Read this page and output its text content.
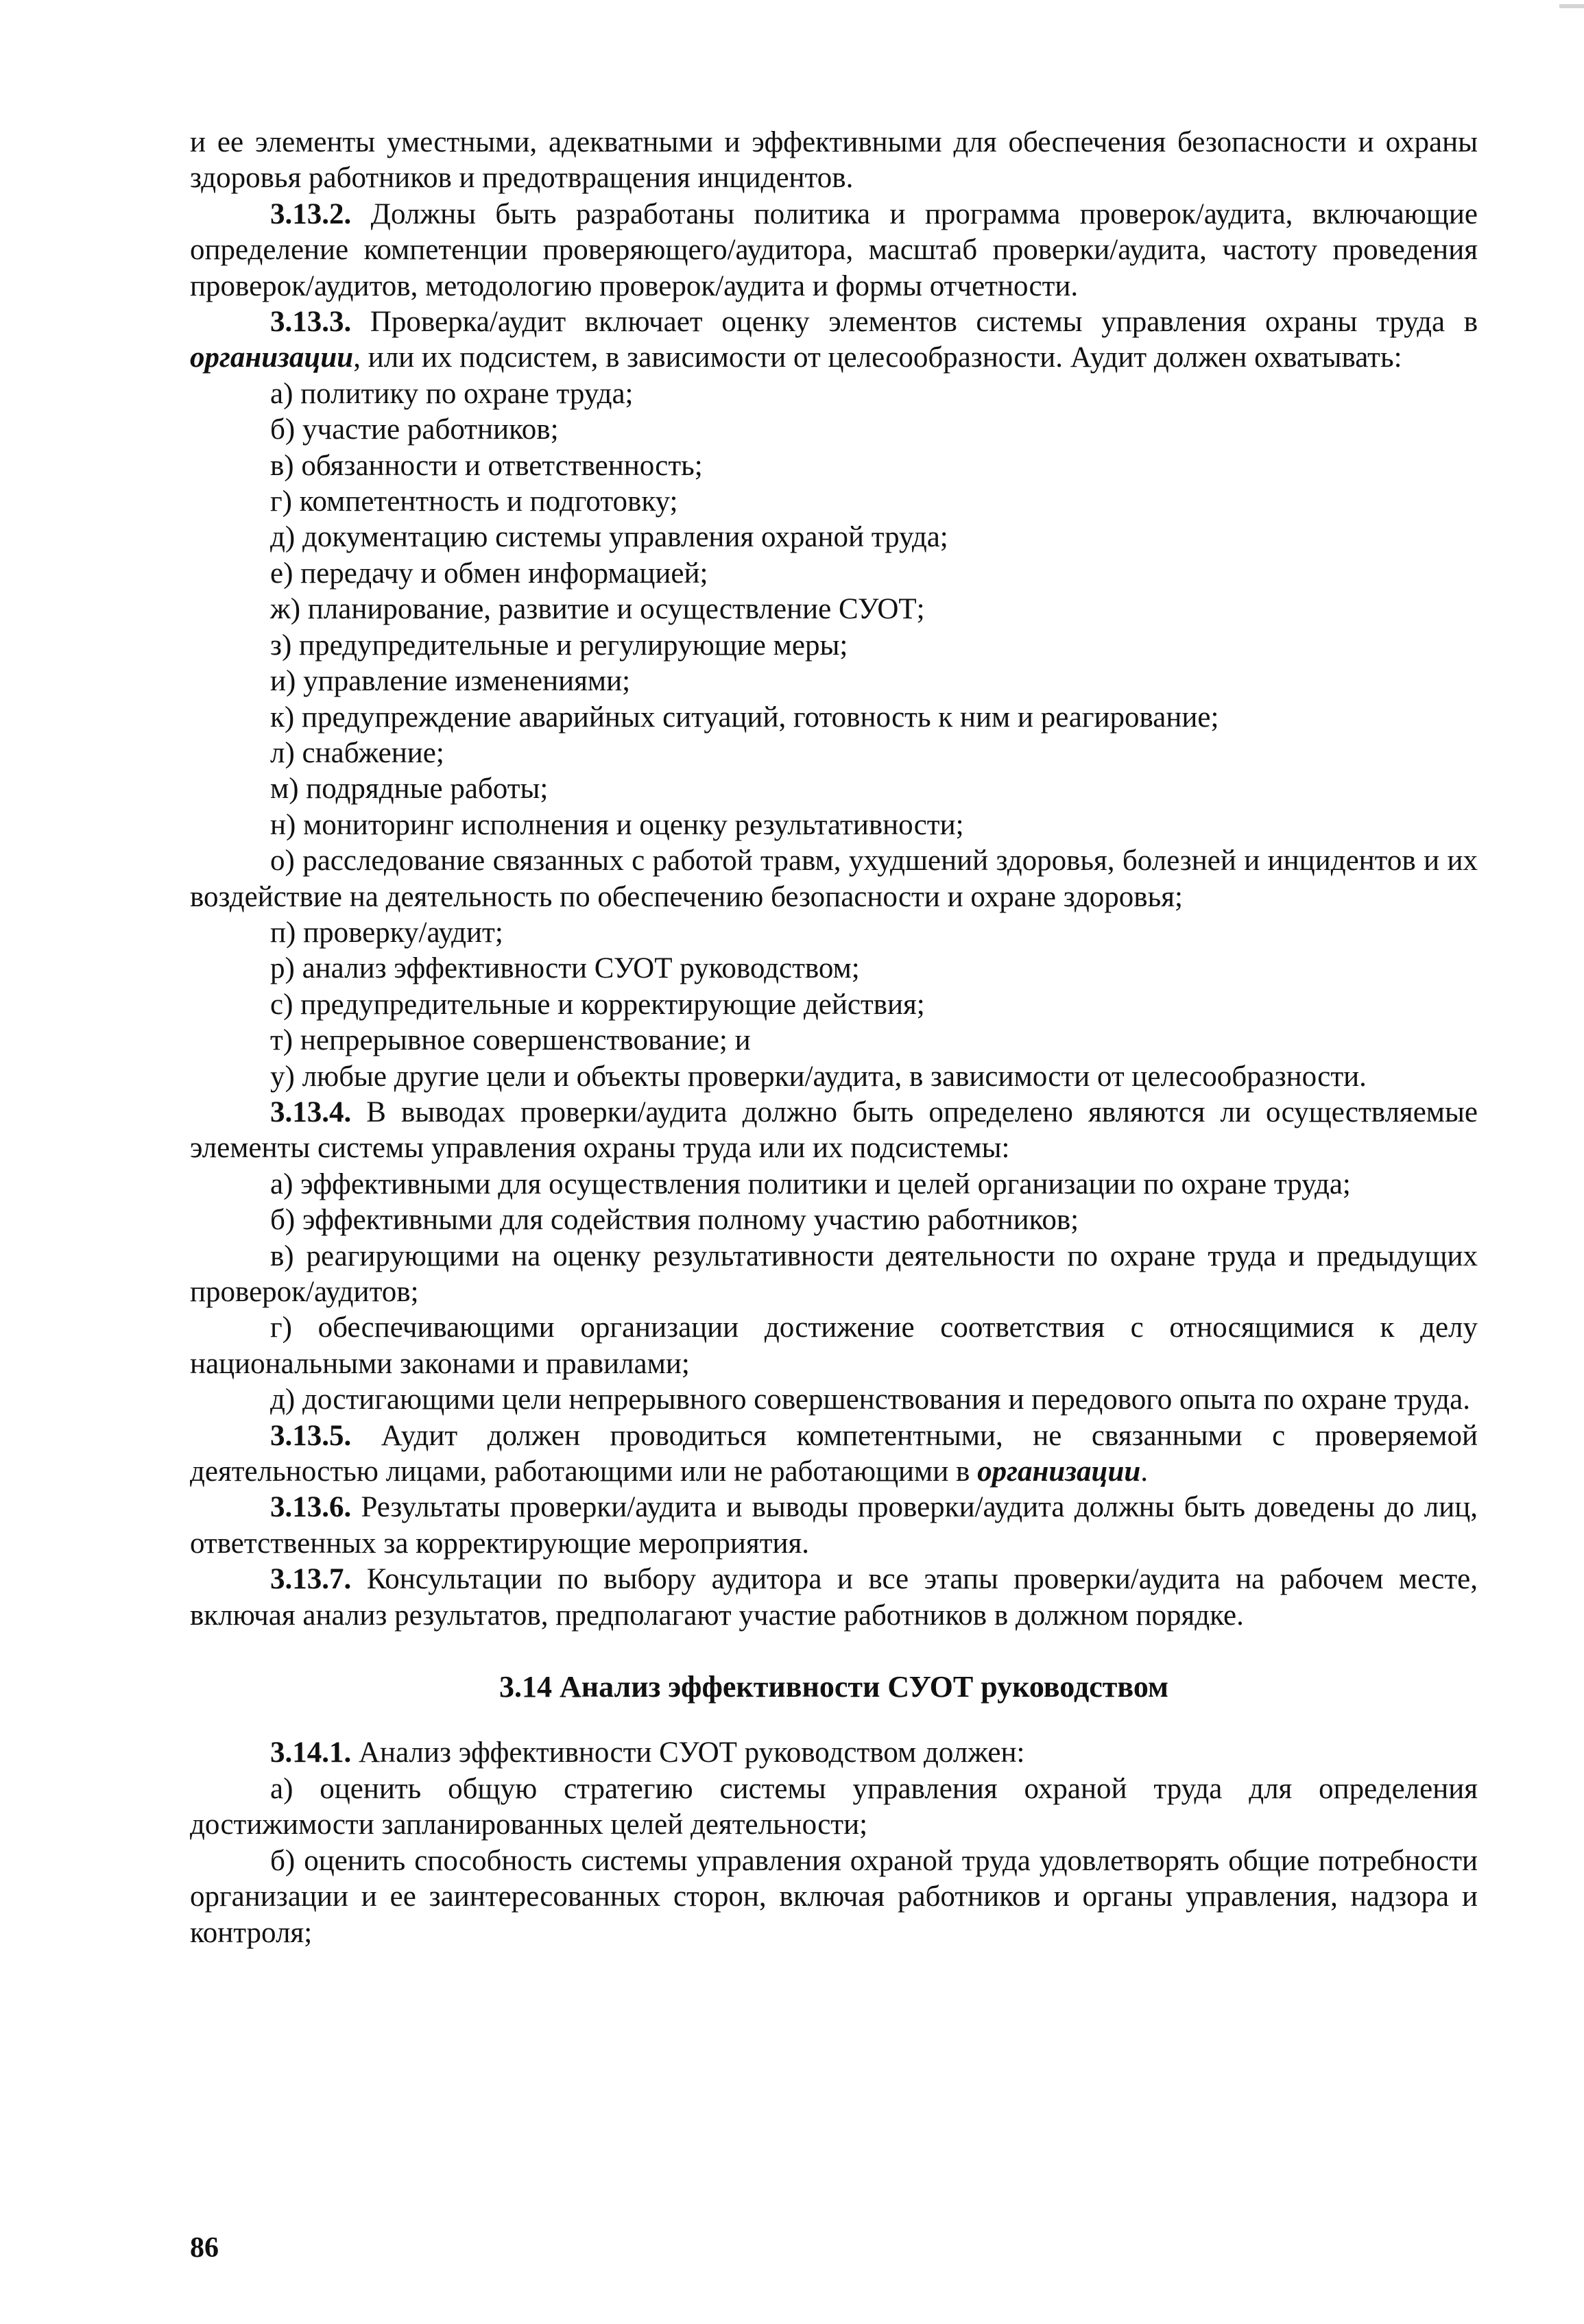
и ее элементы уместными, адекватными и эффективными для обеспечения безопасности и охраны здоровья работников и предотвращения инцидентов.

3.13.2. Должны быть разработаны политика и программа проверок/аудита, включающие определение компетенции проверяющего/аудитора, масштаб проверки/аудита, частоту проведения проверок/аудитов, методологию проверок/аудита и формы отчетности.

3.13.3. Проверка/аудит включает оценку элементов системы управления охраны труда в организации, или их подсистем, в зависимости от целесообразности. Аудит должен охватывать:

а) политику по охране труда;

б) участие работников;

в) обязанности и ответственность;

г) компетентность и подготовку;

д) документацию системы управления охраной труда;

е) передачу и обмен информацией;

ж) планирование, развитие и осуществление СУОТ;

з) предупредительные и регулирующие меры;

и) управление изменениями;

к) предупреждение аварийных ситуаций, готовность к ним и реагирование;

л) снабжение;

м) подрядные работы;

н) мониторинг исполнения и оценку результативности;

о) расследование связанных с работой травм, ухудшений здоровья, болезней и инцидентов и их воздействие на деятельность по обеспечению безопасности и охране здоровья;

п) проверку/аудит;

р) анализ эффективности СУОТ руководством;

с) предупредительные и корректирующие действия;

т) непрерывное совершенствование; и

у) любые другие цели и объекты проверки/аудита, в зависимости от целесообразности.

3.13.4. В выводах проверки/аудита должно быть определено являются ли осуществляемые элементы системы управления охраны труда или их подсистемы:

а) эффективными для осуществления политики и целей организации по охране труда;

б) эффективными для содействия полному участию работников;

в) реагирующими на оценку результативности деятельности по охране труда и предыдущих проверок/аудитов;

г) обеспечивающими организации достижение соответствия с относящимися к делу национальными законами и правилами;

д) достигающими цели непрерывного совершенствования и передового опыта по охране труда.

3.13.5. Аудит должен проводиться компетентными, не связанными с проверяемой деятельностью лицами, работающими или не работающими в организации.

3.13.6. Результаты проверки/аудита и выводы проверки/аудита должны быть доведены до лиц, ответственных за корректирующие мероприятия.

3.13.7. Консультации по выбору аудитора и все этапы проверки/аудита на рабочем месте, включая анализ результатов, предполагают участие работников в должном порядке.

3.14 Анализ эффективности СУОТ руководством

3.14.1. Анализ эффективности СУОТ руководством должен:

а) оценить общую стратегию системы управления охраной труда для определения достижимости запланированных целей деятельности;

б) оценить способность системы управления охраной труда удовлетворять общие потребности организации и ее заинтересованных сторон, включая работников и органы управления, надзора и контроля;

86
